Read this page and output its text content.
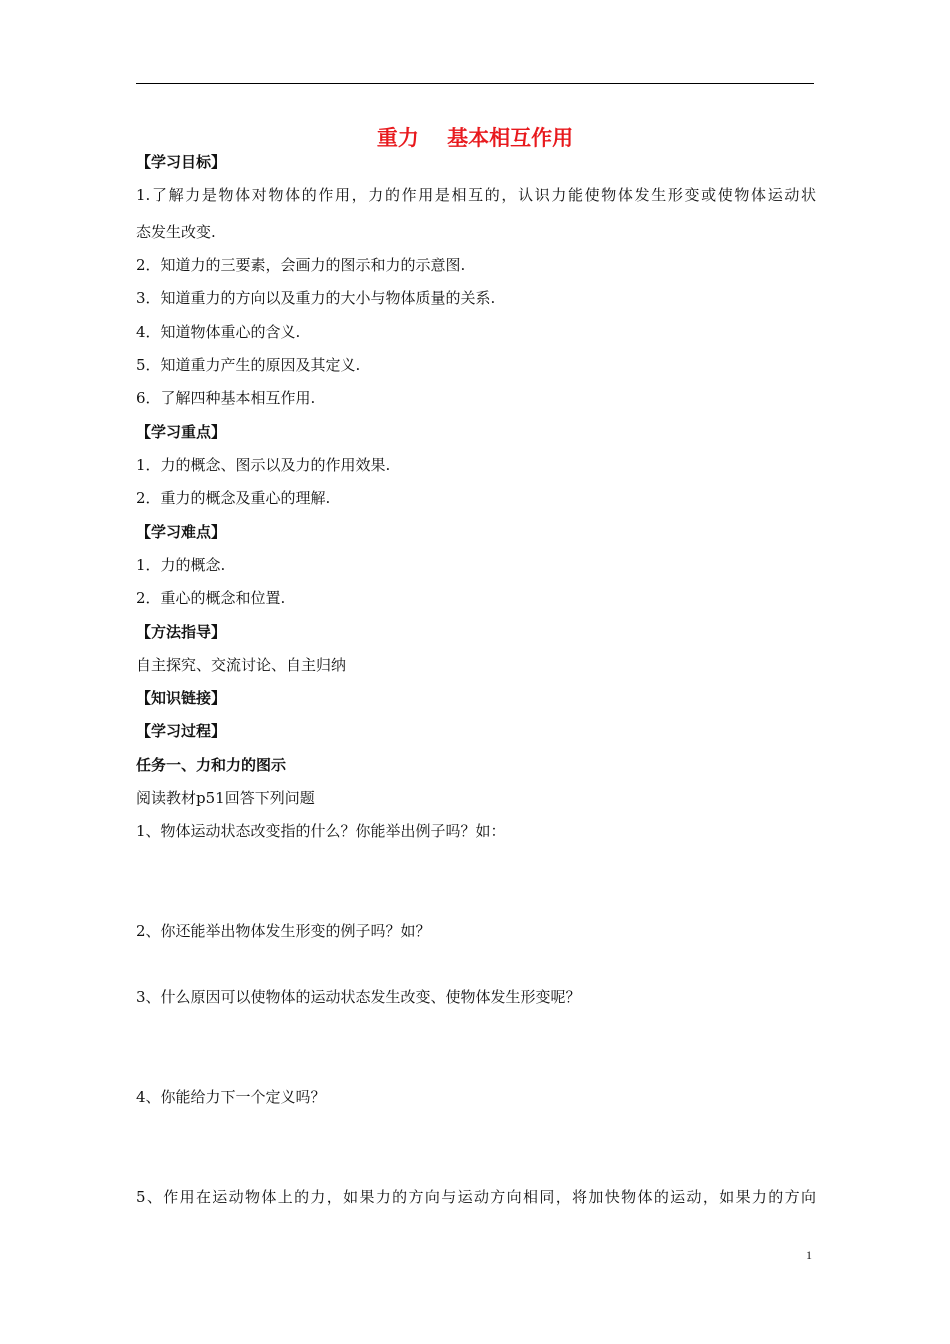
重力　 基本相互作用
【学习目标】
1.了解力是物体对物体的作用，力的作用是相互的，认识力能使物体发生形变或使物体运动状
态发生改变.
2．知道力的三要素，会画力的图示和力的示意图.
3．知道重力的方向以及重力的大小与物体质量的关系.
4．知道物体重心的含义.
5．知道重力产生的原因及其定义.
6．了解四种基本相互作用.
【学习重点】
1．力的概念、图示以及力的作用效果.
2．重力的概念及重心的理解.
【学习难点】
1．力的概念.
2．重心的概念和位置.
【方法指导】
自主探究、交流讨论、自主归纳
【知识链接】
【学习过程】
任务一、力和力的图示
阅读教材p51回答下列问题
1、物体运动状态改变指的什么？你能举出例子吗？如：
2、你还能举出物体发生形变的例子吗？如？
3、什么原因可以使物体的运动状态发生改变、使物体发生形变呢？
4、你能给力下一个定义吗？
5、作用在运动物体上的力，如果力的方向与运动方向相同，将加快物体的运动，如果力的方向
1
